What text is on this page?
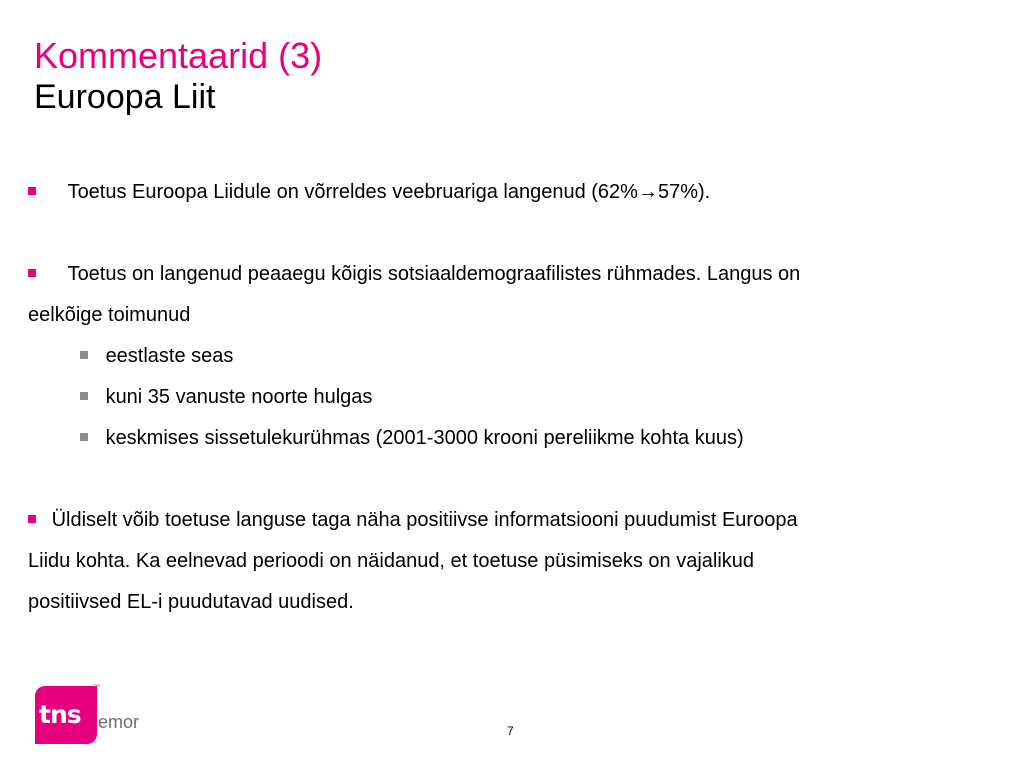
Kommentaarid (3)
Euroopa Liit
Toetus Euroopa Liidule on võrreldes veebruariga langenud (62%→57%).
Toetus on langenud peaaegu kõigis sotsiaaldemograafilistes rühmades. Langus on
eelkõige toimunud
eestlaste seas
kuni 35 vanuste noorte hulgas
keskmises sissetulekurühmas (2001-3000 krooni pereliikme kohta kuus)
Üldiselt võib toetuse languse taga näha positiivse informatsiooni puudumist Euroopa
Liidu kohta. Ka eelnevad perioodi on näidanud, et toetuse püsimiseks on vajalikud
positiivsed EL-i puudutavad uudised.
tns
™
emor	7
